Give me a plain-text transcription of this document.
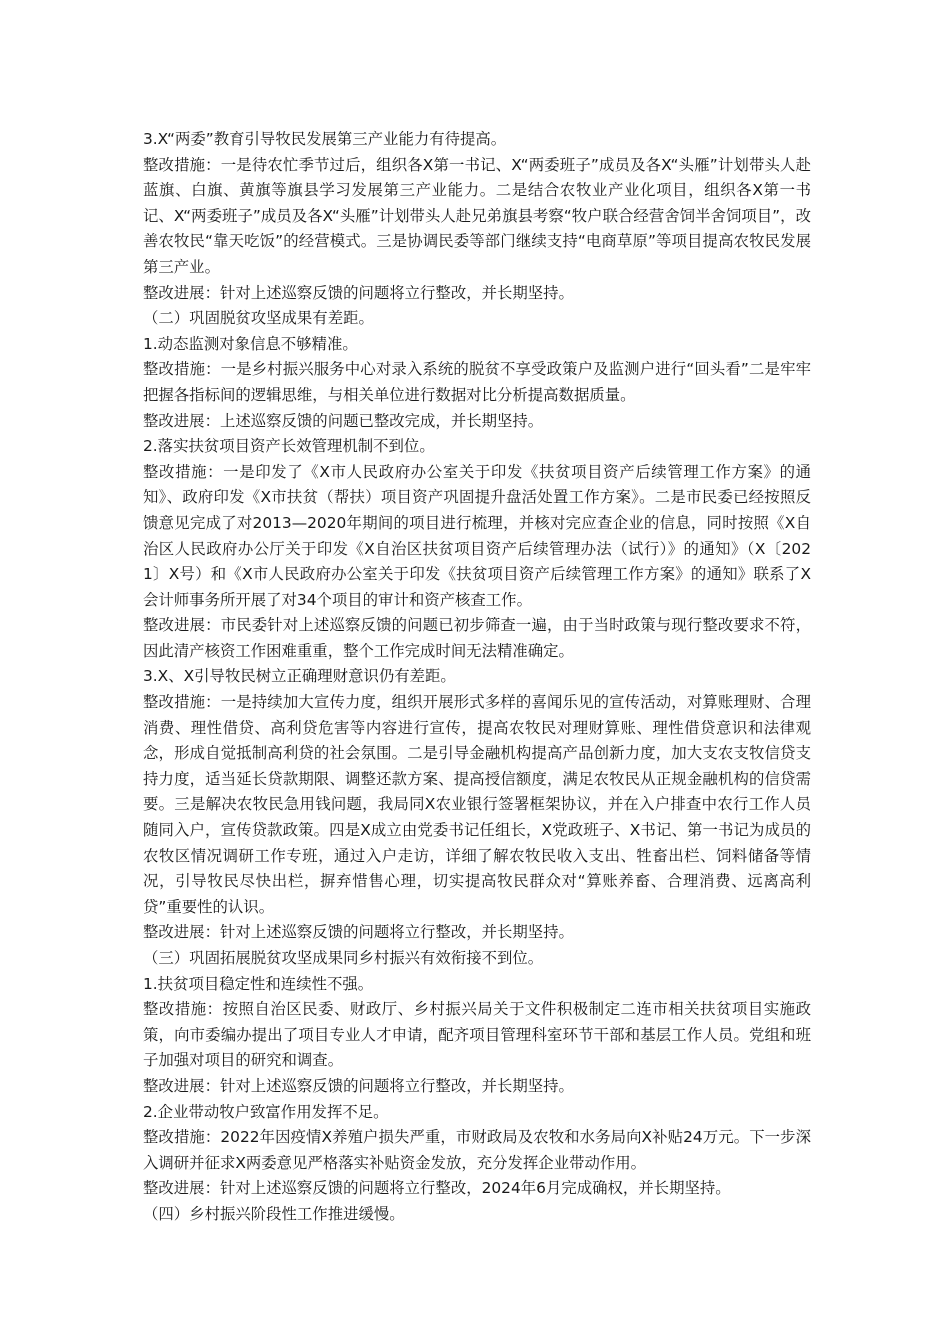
3.X“两委”教育引导牧民发展第三产业能力有待提高。

整改措施：一是待农忙季节过后，组织各X第一书记、X“两委班子”成员及各X“头雁”计划带头人赴蓝旗、白旗、黄旗等旗县学习发展第三产业能力。二是结合农牧业产业化项目，组织各X第一书记、X“两委班子”成员及各X“头雁”计划带头人赴兄弟旗县考察“牧户联合经营舍饲半舍饲项目”，改善农牧民“靠天吃饭”的经营模式。三是协调民委等部门继续支持“电商草原”等项目提高农牧民发展第三产业。

整改进展：针对上述巡察反馈的问题将立行整改，并长期坚持。

（二）巩固脱贫攻坚成果有差距。

1.动态监测对象信息不够精准。

整改措施：一是乡村振兴服务中心对录入系统的脱贫不享受政策户及监测户进行“回头看”二是牢牢把握各指标间的逻辑思维，与相关单位进行数据对比分析提高数据质量。

整改进展：上述巡察反馈的问题已整改完成，并长期坚持。

2.落实扶贫项目资产长效管理机制不到位。

整改措施：一是印发了《X市人民政府办公室关于印发《扶贫项目资产后续管理工作方案》的通知》、政府印发《X市扶贫（帮扶）项目资产巩固提升盘活处置工作方案》。二是市民委已经按照反馈意见完成了对2013—2020年期间的项目进行梳理，并核对完应查企业的信息，同时按照《X自治区人民政府办公厅关于印发《X自治区扶贫项目资产后续管理办法（试行）》的通知》（X〔2021〕X号）和《X市人民政府办公室关于印发《扶贫项目资产后续管理工作方案》的通知》联系了X会计师事务所开展了对34个项目的审计和资产核查工作。

整改进展：市民委针对上述巡察反馈的问题已初步筛查一遍，由于当时政策与现行整改要求不符，因此清产核资工作困难重重，整个工作完成时间无法精准确定。

3.X、X引导牧民树立正确理财意识仍有差距。

整改措施：一是持续加大宣传力度，组织开展形式多样的喜闻乐见的宣传活动，对算账理财、合理消费、理性借贷、高利贷危害等内容进行宣传，提高农牧民对理财算账、理性借贷意识和法律观念，形成自觉抵制高利贷的社会氛围。二是引导金融机构提高产品创新力度，加大支农支牧信贷支持力度，适当延长贷款期限、调整还款方案、提高授信额度，满足农牧民从正规金融机构的信贷需要。三是解决农牧民急用钱问题，我局同X农业银行签署框架协议，并在入户排查中农行工作人员随同入户，宣传贷款政策。四是X成立由党委书记任组长，X党政班子、X书记、第一书记为成员的农牧区情况调研工作专班，通过入户走访，详细了解农牧民收入支出、牲畜出栏、饲料储备等情况，引导牧民尽快出栏，摒弃惜售心理，切实提高牧民群众对“算账养畜、合理消费、远离高利贷”重要性的认识。

整改进展：针对上述巡察反馈的问题将立行整改，并长期坚持。

（三）巩固拓展脱贫攻坚成果同乡村振兴有效衔接不到位。

1.扶贫项目稳定性和连续性不强。

整改措施：按照自治区民委、财政厅、乡村振兴局关于文件积极制定二连市相关扶贫项目实施政策，向市委编办提出了项目专业人才申请，配齐项目管理科室环节干部和基层工作人员。党组和班子加强对项目的研究和调查。

整改进展：针对上述巡察反馈的问题将立行整改，并长期坚持。

2.企业带动牧户致富作用发挥不足。

整改措施：2022年因疫情X养殖户损失严重，市财政局及农牧和水务局向X补贴24万元。下一步深入调研并征求X两委意见严格落实补贴资金发放，充分发挥企业带动作用。

整改进展：针对上述巡察反馈的问题将立行整改，2024年6月完成确权，并长期坚持。

（四）乡村振兴阶段性工作推进缓慢。
